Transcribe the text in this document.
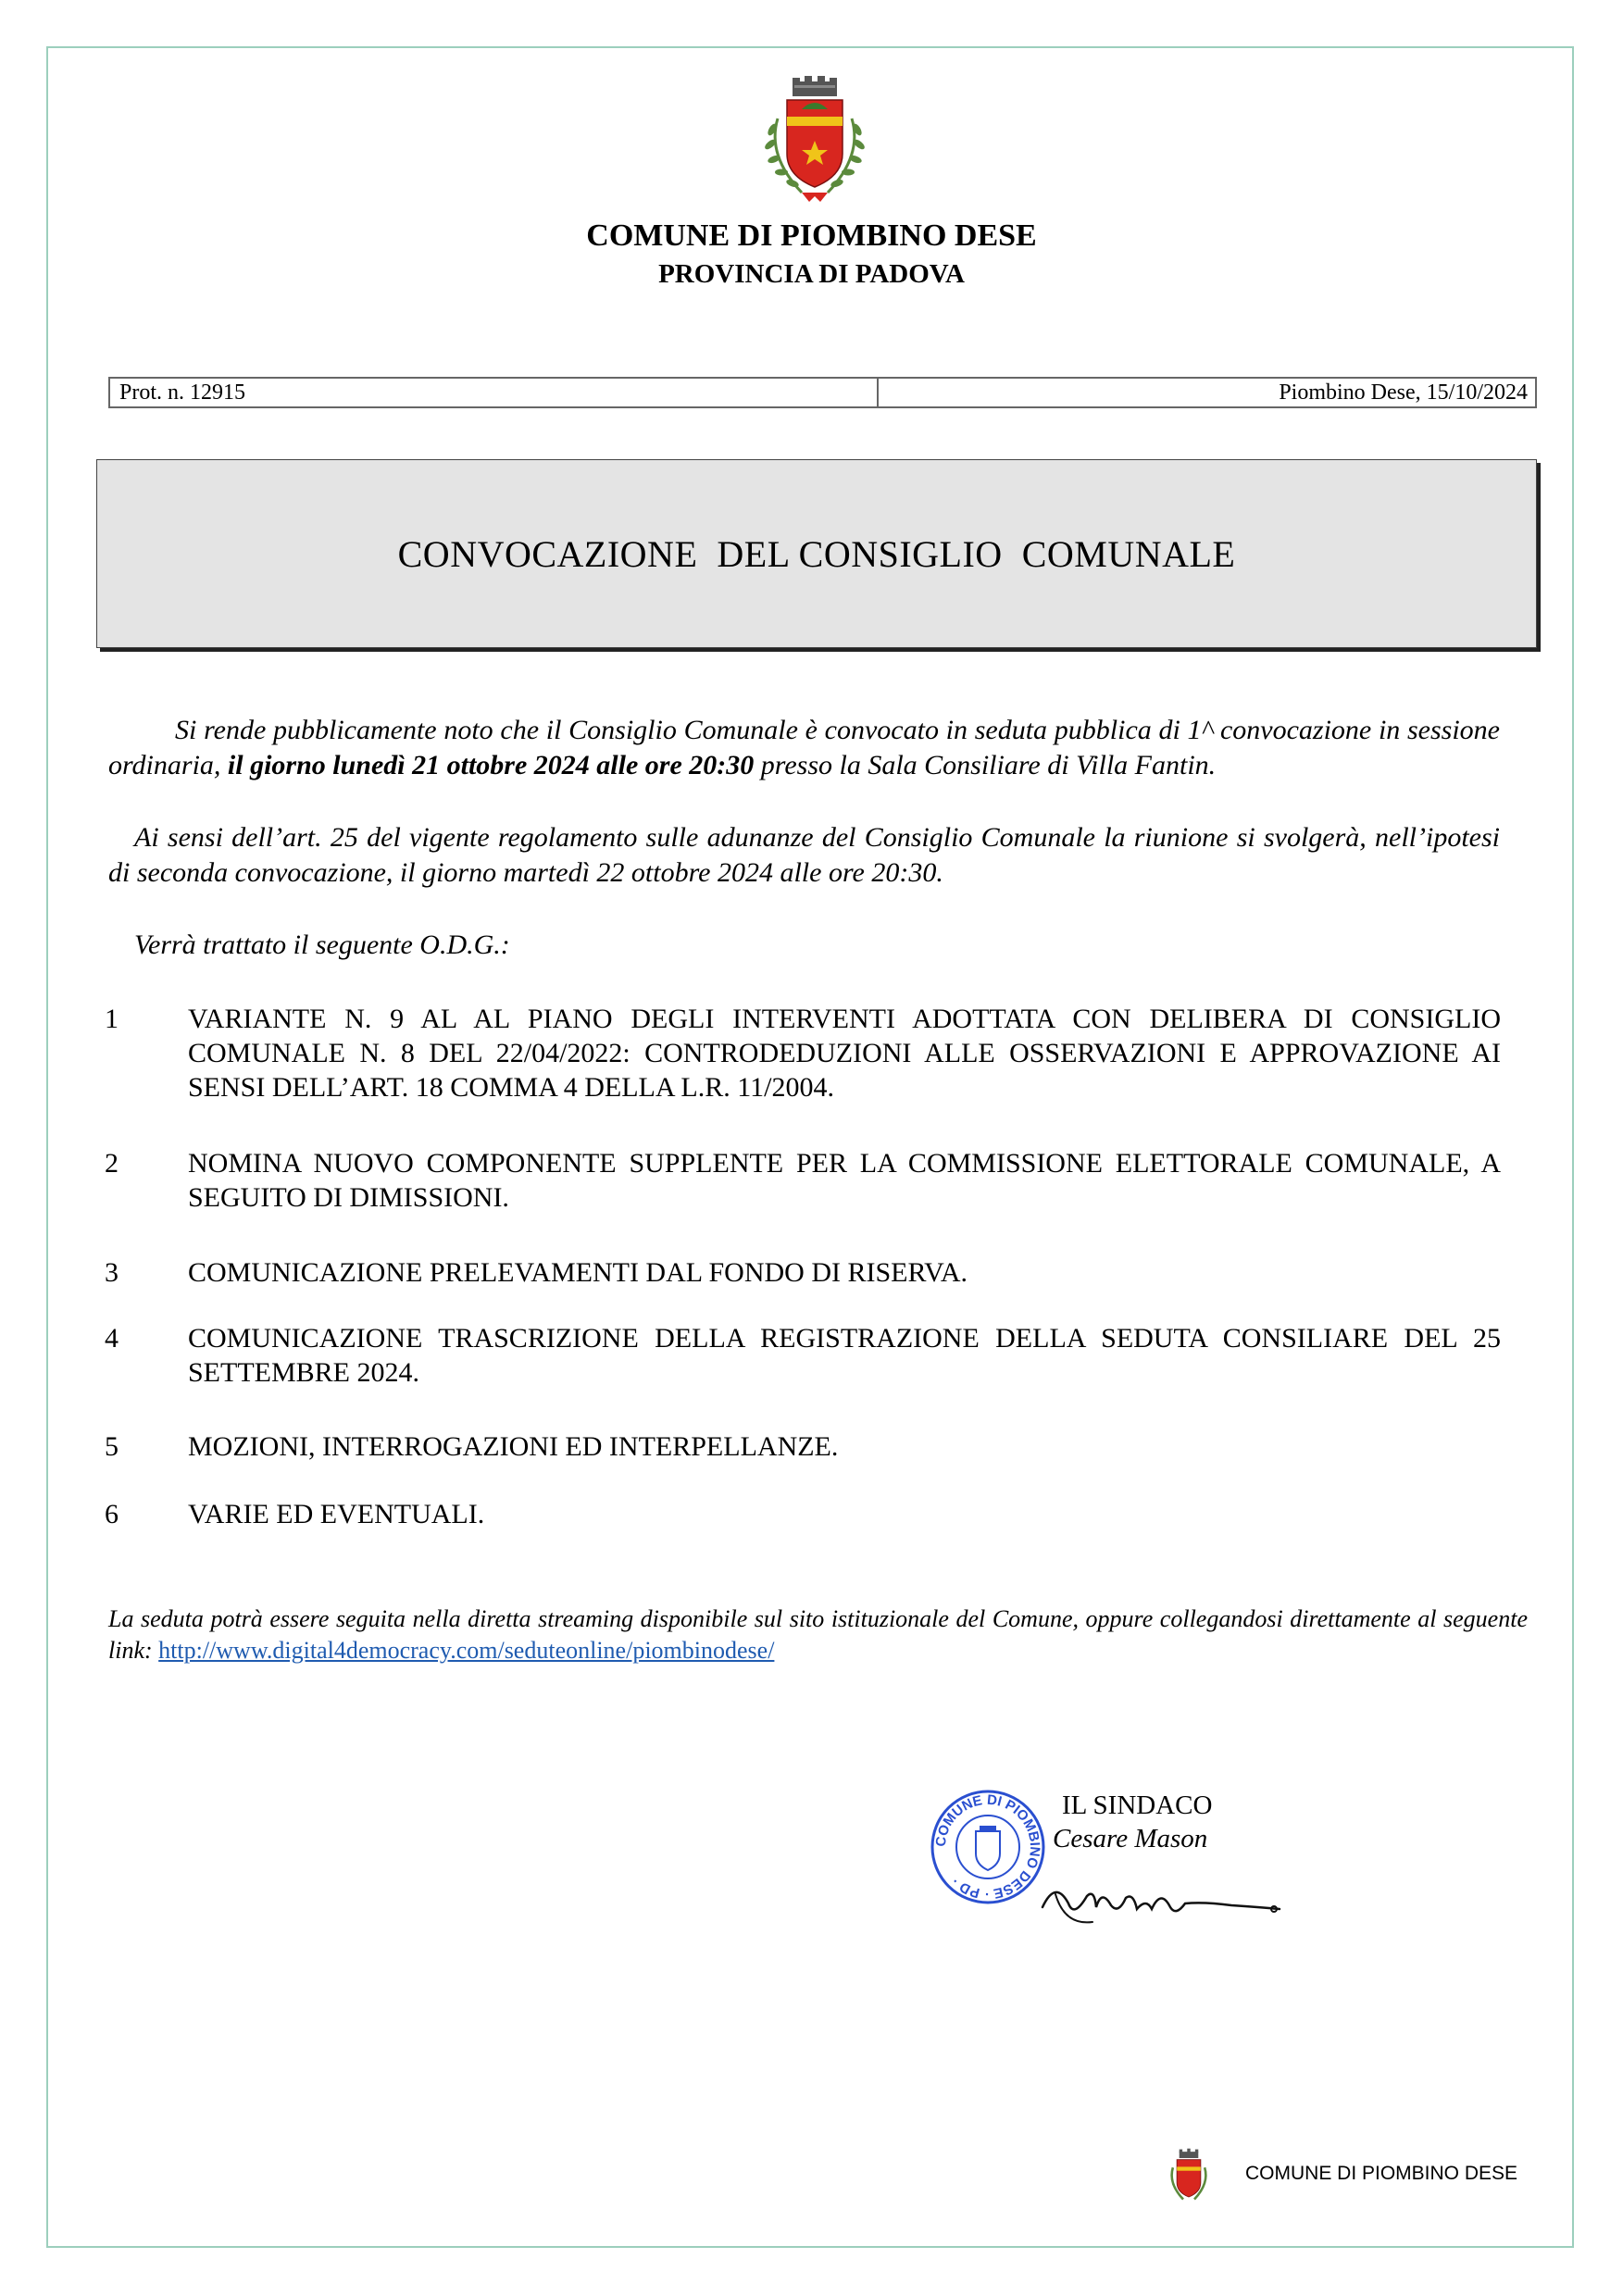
COMUNE DI PIOMBINO DESE
PROVINCIA DI PADOVA
Prot. n. 12915	Piombino Dese, 15/10/2024
CONVOCAZIONE  DEL CONSIGLIO  COMUNALE
Si rende pubblicamente noto che il Consiglio Comunale è convocato in seduta pubblica di 1^ convocazione in sessione ordinaria, il giorno lunedì 21 ottobre 2024 alle ore 20:30 presso la Sala Consiliare di Villa Fantin.
Ai sensi dell’art. 25 del vigente regolamento sulle adunanze del Consiglio Comunale la riunione si svolgerà, nell’ipotesi di seconda convocazione, il giorno martedì 22 ottobre 2024 alle ore 20:30.
Verrà trattato il seguente O.D.G.:
1	VARIANTE N. 9 AL AL PIANO DEGLI INTERVENTI ADOTTATA CON DELIBERA DI CONSIGLIO COMUNALE N. 8 DEL 22/04/2022: CONTRODEDUZIONI ALLE OSSERVAZIONI E APPROVAZIONE AI SENSI DELL’ART. 18 COMMA 4 DELLA L.R. 11/2004.
2	NOMINA NUOVO COMPONENTE SUPPLENTE PER LA COMMISSIONE ELETTORALE COMUNALE, A SEGUITO DI DIMISSIONI.
3	COMUNICAZIONE PRELEVAMENTI DAL FONDO DI RISERVA.
4	COMUNICAZIONE TRASCRIZIONE DELLA REGISTRAZIONE DELLA SEDUTA CONSILIARE DEL 25 SETTEMBRE 2024.
5	MOZIONI, INTERROGAZIONI ED INTERPELLANZE.
6	VARIE ED EVENTUALI.
La seduta potrà essere seguita nella diretta streaming disponibile sul sito istituzionale del Comune, oppure collegandosi direttamente al seguente link: http://www.digital4democracy.com/seduteonline/piombinodese/
COMUNE DI PIOMBINO DESE · PD ·
IL SINDACO
Cesare Mason
COMUNE DI PIOMBINO DESE
